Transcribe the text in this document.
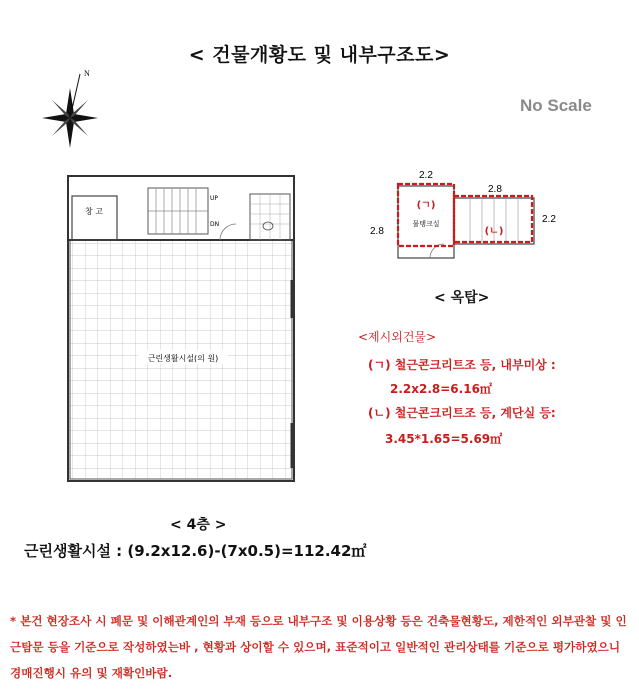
< 건물개황도 및 내부구조도>
No Scale
N
창 고
UP
DN
근린생활시설(의 원)
< 4층 >
근린생활시설 : (9.2x12.6)-(7x0.5)=112.42㎡
2.2
2.8
2.8
2.2
(ㄱ)
물탱크실
(ㄴ)
< 옥탑>
<제시외건물>
(ㄱ) 철근콘크리트조 등, 내부미상 :
2.2x2.8=6.16㎡
(ㄴ) 철근콘크리트조 등, 계단실 등:
3.45*1.65=5.69㎡
* 본건 현장조사 시 폐문 및 이해관계인의 부재 등으로 내부구조 및 이용상황 등은 건축물현황도, 제한적인 외부관찰 및 인근탐문 등을 기준으로 작성하였는바 , 현황과 상이할 수 있으며, 표준적이고 일반적인 관리상태를 기준으로 평가하였으니 경매진행시 유의 및 재확인바람.
